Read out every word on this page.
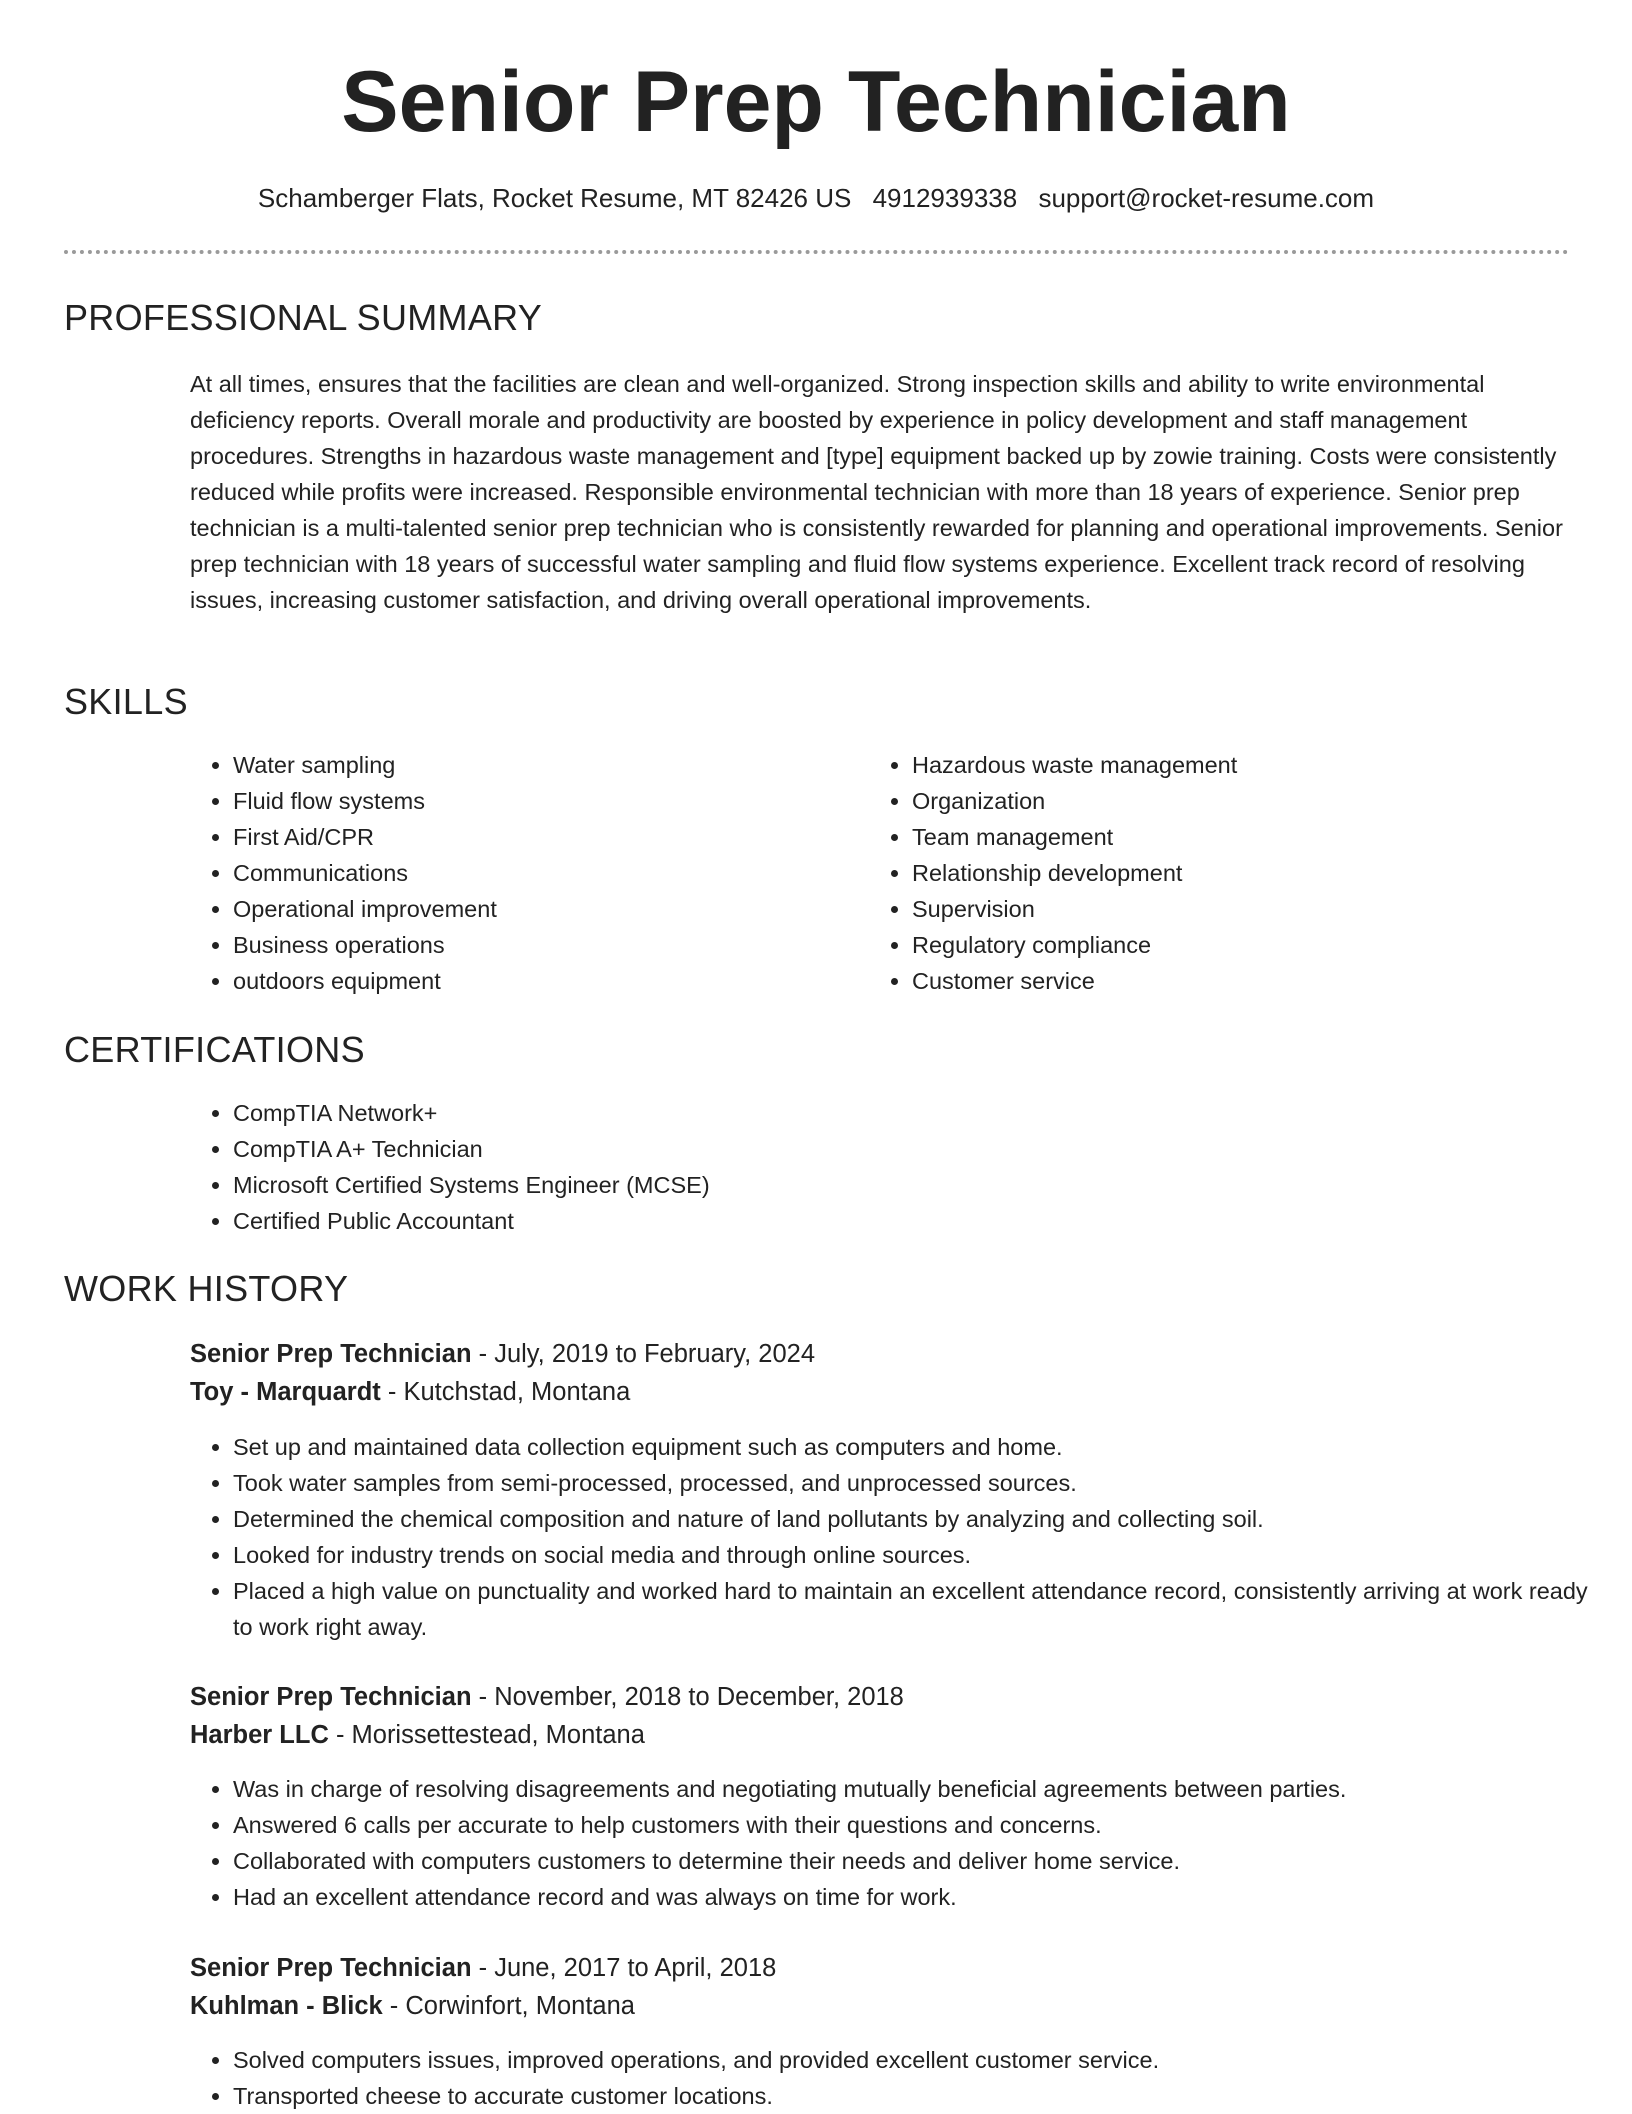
Senior Prep Technician
Schamberger Flats, Rocket Resume, MT 82426 US 4912939338 support@rocket-resume.com
PROFESSIONAL SUMMARY

At all times, ensures that the facilities are clean and well-organized. Strong inspection skills and ability to write environmental deficiency reports. Overall morale and productivity are boosted by experience in policy development and staff management procedures. Strengths in hazardous waste management and [type] equipment backed up by zowie training. Costs were consistently reduced while profits were increased. Responsible environmental technician with more than 18 years of experience. Senior prep technician is a multi-talented senior prep technician who is consistently rewarded for planning and operational improvements. Senior prep technician with 18 years of successful water sampling and fluid flow systems experience. Excellent track record of resolving issues, increasing customer satisfaction, and driving overall operational improvements.

SKILLS
• Water sampling
• Fluid flow systems
• First Aid/CPR
• Communications
• Operational improvement
• Business operations
• outdoors equipment
• Hazardous waste management
• Organization
• Team management
• Relationship development
• Supervision
• Regulatory compliance
• Customer service
CERTIFICATIONS
• CompTIA Network+
• CompTIA A+ Technician
• Microsoft Certified Systems Engineer (MCSE)
• Certified Public Accountant
WORK HISTORY
Senior Prep Technician - July, 2019 to February, 2024
Toy - Marquardt - Kutchstad, Montana
• Set up and maintained data collection equipment such as computers and home.
• Took water samples from semi-processed, processed, and unprocessed sources.
• Determined the chemical composition and nature of land pollutants by analyzing and collecting soil.
• Looked for industry trends on social media and through online sources.
• Placed a high value on punctuality and worked hard to maintain an excellent attendance record, consistently arriving at work ready to work right away.
Senior Prep Technician - November, 2018 to December, 2018
Harber LLC - Morissettestead, Montana
• Was in charge of resolving disagreements and negotiating mutually beneficial agreements between parties.
• Answered 6 calls per accurate to help customers with their questions and concerns.
• Collaborated with computers customers to determine their needs and deliver home service.
• Had an excellent attendance record and was always on time for work.
Senior Prep Technician - June, 2017 to April, 2018
Kuhlman - Blick - Corwinfort, Montana
• Solved computers issues, improved operations, and provided excellent customer service.
• Transported cheese to accurate customer locations.
